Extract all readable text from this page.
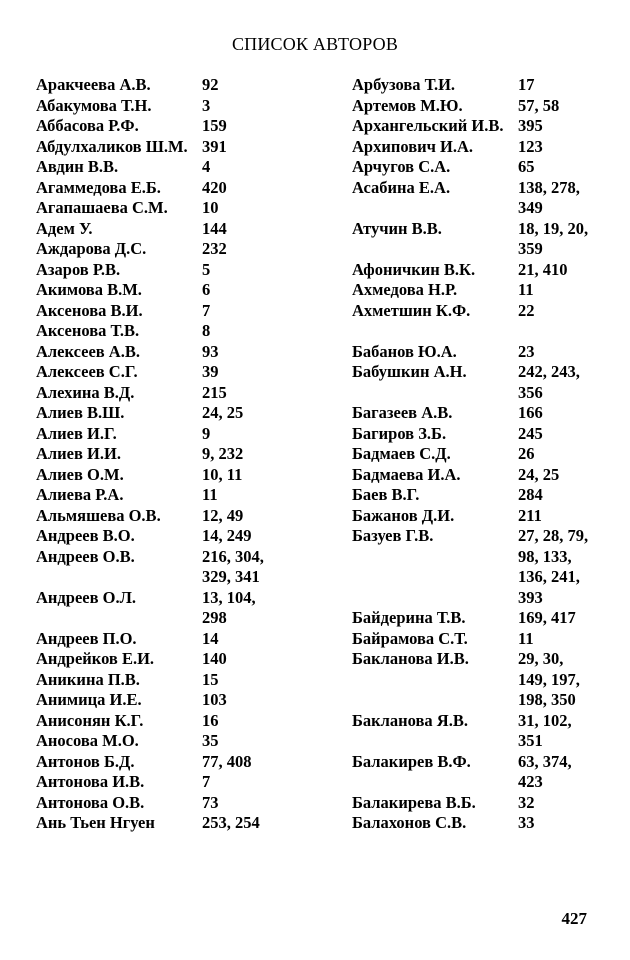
СПИСОК АВТОРОВ
Аракчеева А.В.	92
Абакумова Т.Н.	3
Аббасова Р.Ф.	159
Абдулхаликов Ш.М. 391
Авдин В.В.	4
Агаммедова Е.Б.	420
Агапашаева С.М.	10
Адем У.	144
Аждарова Д.С.	232
Азаров Р.В.	5
Акимова В.М.	6
Аксенова В.И.	7
Аксенова Т.В.	8
Алексеев А.В.	93
Алексеев С.Г.	39
Алехина В.Д.	215
Алиев В.Ш.	24, 25
Алиев И.Г.	9
Алиев И.И.	9, 232
Алиев О.М.	10, 11
Алиева Р.А.	11
Альмяшева О.В.	12, 49
Андреев В.О.	14, 249
Андреев О.В.	216, 304,
329, 341
Андреев О.Л.	13, 104,
298
Андреев П.О.	14
Андрейков Е.И.	140
Аникина П.В.	15
Анимица И.Е.	103
Анисонян К.Г.	16
Аносова М.О.	35
Антонов Б.Д.	77, 408
Антонова И.В.	7
Антонова О.В.	73
Ань Тьен Нгуен	253, 254
Арбузова Т.И.	17
Артемов М.Ю.	57, 58
Архангельский И.В. 395
Архипович И.А.	123
Арчугов С.А.	65
Асабина Е.А.	138, 278,
349
Атучин В.В.	18, 19, 20,
359
Афоничкин В.К.	21, 410
Ахмедова Н.Р.	11
Ахметшин К.Ф.	22
Бабанов Ю.А.	23
Бабушкин А.Н.	242, 243,
356
Багазеев А.В.	166
Багиров З.Б.	245
Бадмаев С.Д.	26
Бадмаева И.А.	24, 25
Баев В.Г.	284
Бажанов Д.И.	211
Базуев Г.В.	27, 28, 79,
98, 133,
136, 241,
393
Байдерина Т.В.	169, 417
Байрамова С.Т.	11
Бакланова И.В.	29, 30,
149, 197,
198, 350
Бакланова Я.В.	31, 102,
351
Балакирев В.Ф.	63, 374,
423
Балакирева В.Б.	32
Балахонов С.В.	33
427
